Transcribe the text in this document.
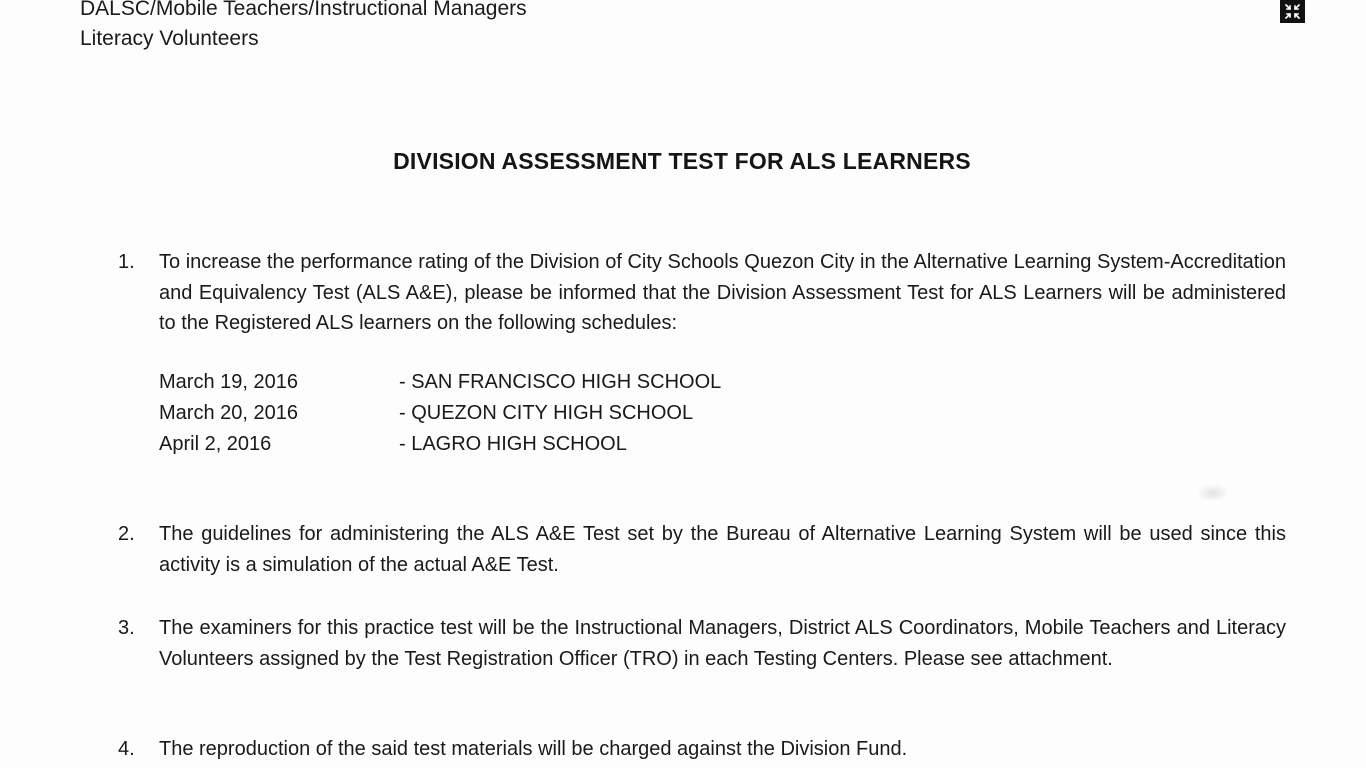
DALSC/Mobile Teachers/Instructional Managers
Literacy Volunteers
DIVISION ASSESSMENT TEST FOR ALS LEARNERS
1. To increase the performance rating of the Division of City Schools Quezon City in the Alternative Learning System-Accreditation and Equivalency Test (ALS A&E), please be informed that the Division Assessment Test for ALS Learners will be administered to the Registered ALS learners on the following schedules:
March 19, 2016	- SAN FRANCISCO HIGH SCHOOL
March 20, 2016	- QUEZON CITY HIGH SCHOOL
April 2, 2016	- LAGRO HIGH SCHOOL
2. The guidelines for administering the ALS A&E Test set by the Bureau of Alternative Learning System will be used since this activity is a simulation of the actual A&E Test.
3. The examiners for this practice test will be the Instructional Managers, District ALS Coordinators, Mobile Teachers and Literacy Volunteers assigned by the Test Registration Officer (TRO) in each Testing Centers. Please see attachment.
4. The reproduction of the said test materials will be charged against the Division Fund.
